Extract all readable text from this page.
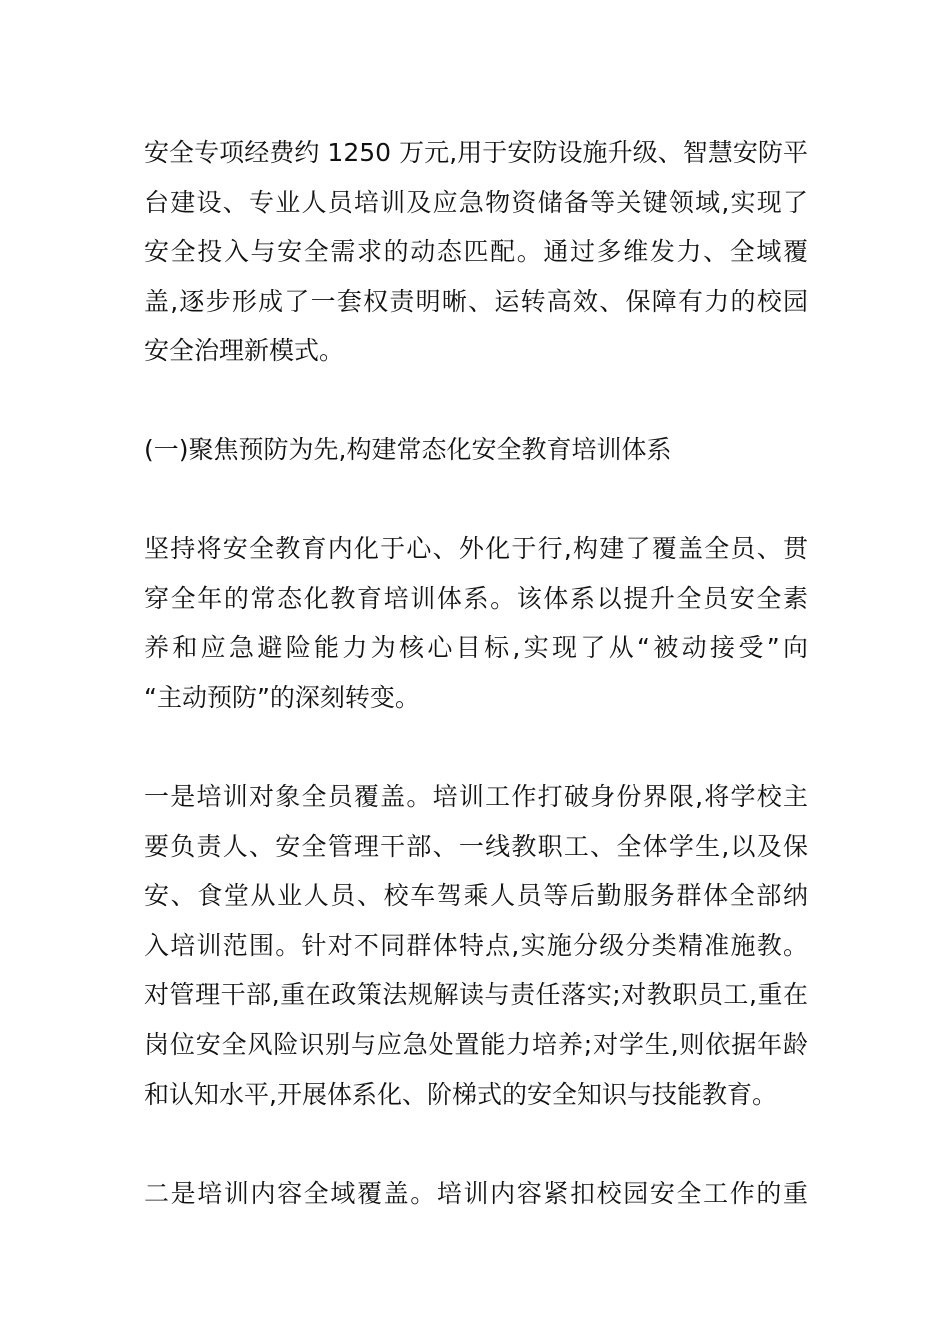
安全专项经费约 1250 万元,用于安防设施升级、智慧安防平
台建设、专业人员培训及应急物资储备等关键领域,实现了
安全投入与安全需求的动态匹配。通过多维发力、全域覆
盖,逐步形成了一套权责明晰、运转高效、保障有力的校园
安全治理新模式。

(一)聚焦预防为先,构建常态化安全教育培训体系

坚持将安全教育内化于心、外化于行,构建了覆盖全员、贯
穿全年的常态化教育培训体系。该体系以提升全员安全素
养和应急避险能力为核心目标,实现了从“被动接受”向
“主动预防”的深刻转变。

一是培训对象全员覆盖。培训工作打破身份界限,将学校主
要负责人、安全管理干部、一线教职工、全体学生,以及保
安、食堂从业人员、校车驾乘人员等后勤服务群体全部纳
入培训范围。针对不同群体特点,实施分级分类精准施教。
对管理干部,重在政策法规解读与责任落实;对教职员工,重在
岗位安全风险识别与应急处置能力培养;对学生,则依据年龄
和认知水平,开展体系化、阶梯式的安全知识与技能教育。

二是培训内容全域覆盖。培训内容紧扣校园安全工作的重
